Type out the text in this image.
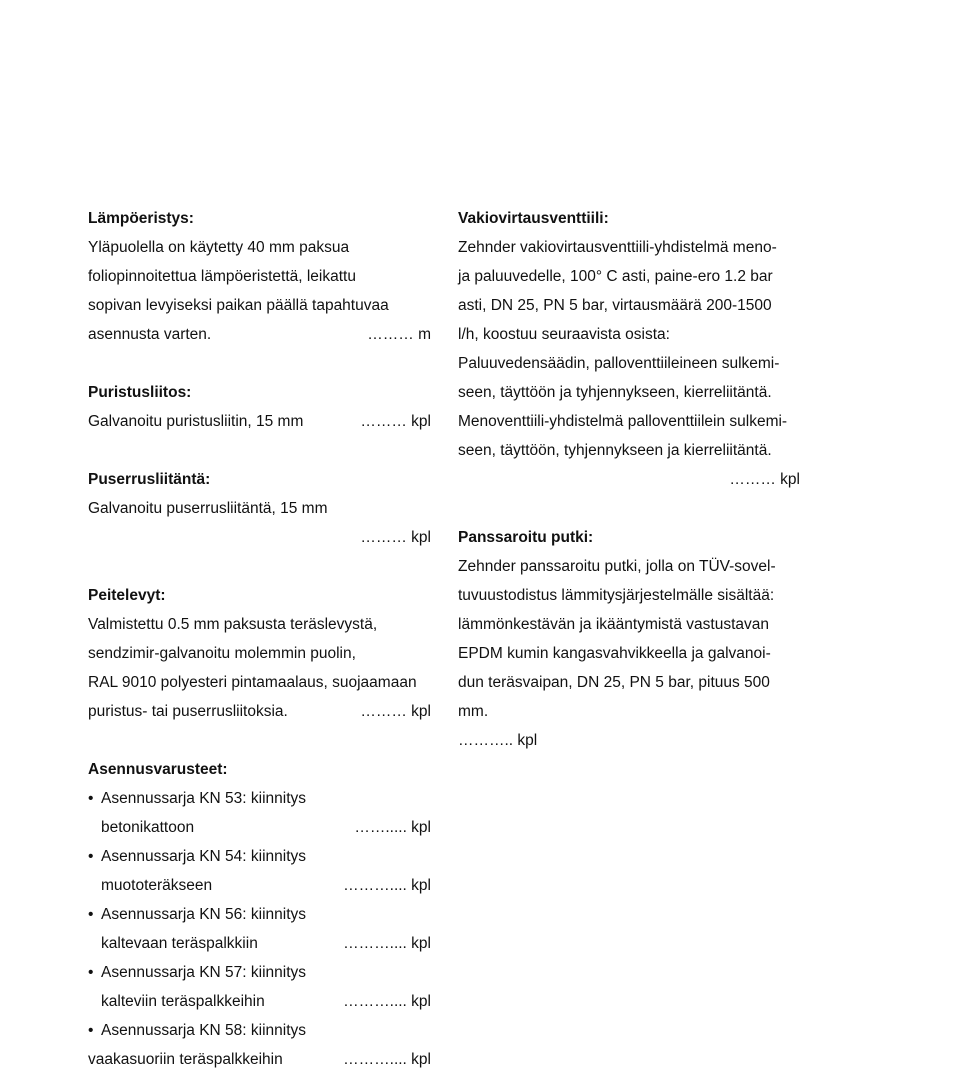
Lämpöeristys:
Yläpuolella on käytetty 40 mm paksua
foliopinnoitettua lämpöeristettä, leikattu
sopivan levyiseksi paikan päällä tapahtuvaa
asennusta varten.	……… m
Puristusliitos:
Galvanoitu puristusliitin, 15 mm	……… kpl
Puserrusliitäntä:
Galvanoitu puserrusliitäntä, 15 mm
……… kpl
Peitelevyt:
Valmistettu 0.5 mm paksusta teräslevystä,
sendzimir-galvanoitu molemmin puolin,
RAL 9010 polyesteri pintamaalaus, suojaamaan
puristus- tai puserrusliitoksia.	……… kpl
Asennusvarusteet:
• Asennussarja KN 53: kiinnitys
betonikattoon	……..... kpl
• Asennussarja KN 54: kiinnitys
muototeräkseen	……….... kpl
• Asennussarja KN 56: kiinnitys
kaltevaan teräspalkkiin	……….... kpl
• Asennussarja KN 57: kiinnitys
kalteviin teräspalkkeihin	……….... kpl
• Asennussarja KN 58: kiinnitys
vaakasuoriin teräspalkkeihin	……….... kpl
Vakiovirtausventtiili:
Zehnder vakiovirtausventtiili-yhdistelmä meno-
ja paluuvedelle, 100° C asti, paine-ero 1.2 bar
asti, DN 25, PN 5 bar, virtausmäärä 200-1500
l/h, koostuu seuraavista osista:
Paluuvedensäädin, palloventtiileineen sulkemi-
seen, täyttöön ja tyhjennykseen, kierreliitäntä.
Menoventtiili-yhdistelmä palloventtiilein sulkemi-
seen, täyttöön, tyhjennykseen ja kierreliitäntä.
……… kpl
Panssaroitu putki:
Zehnder panssaroitu putki, jolla on TÜV-sovel-
tuvuustodistus lämmitysjärjestelmälle sisältää:
lämmönkestävän ja ikääntymistä vastustavan
EPDM kumin kangasvahvikkeella ja galvanoi-
dun teräsvaipan, DN 25, PN 5 bar, pituus 500
mm.
……….. kpl
